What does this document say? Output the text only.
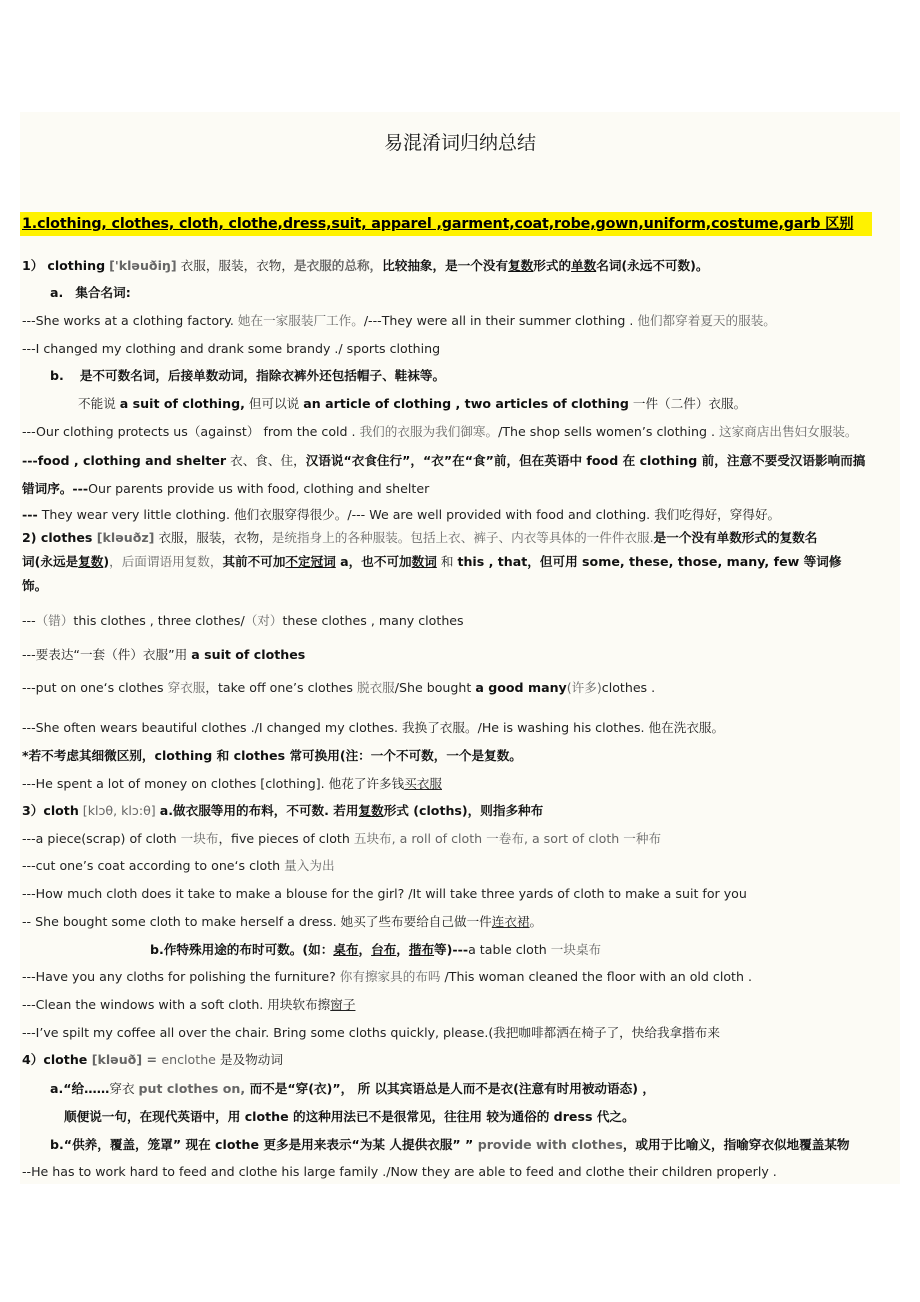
易混淆词归纳总结
1.clothing, clothes, cloth, clothe,dress,suit, apparel ,garment,coat,robe,gown,uniform,costume,garb 区别
1） clothing ['kləuðiŋ] 衣服，服装，衣物，是衣服的总称，比较抽象，是一个没有复数形式的单数名词(永远不可数)。
a. 集合名词:
---She works at a clothing factory. 她在一家服装厂工作。/---They were all in their summer clothing . 他们都穿着夏天的服装。
---I changed my clothing and drank some brandy ./ sports clothing
b. 是不可数名词，后接单数动词，指除衣裤外还包括帽子、鞋袜等。
不能说 a suit of clothing, 但可以说 an article of clothing , two articles of clothing 一件（二件）衣服。
---Our clothing protects us（against） from the cold . 我们的衣服为我们御寒。/The shop sells women’s clothing . 这家商店出售妇女服装。
---food , clothing and shelter 衣、食、住，汉语说“衣食住行”，“衣”在“食”前，但在英语中 food 在 clothing 前，注意不要受汉语影响而搞
错词序。---Our parents provide us with food, clothing and shelter
--- They wear very little clothing. 他们衣服穿得很少。/--- We are well provided with food and clothing. 我们吃得好，穿得好。
2) clothes [kləuðz] 衣服，服装，衣物，是统指身上的各种服装。包括上衣、裤子、内衣等具体的一件件衣服.是一个没有单数形式的复数名
词(永远是复数)，后面谓语用复数，其前不可加不定冠词 a，也不可加数词 和 this , that，但可用 some, these, those, many, few 等词修
饰。
---（错）this clothes , three clothes/（对）these clothes , many clothes
---要表达“一套（件）衣服”用 a suit of clothes
---put on one‘s clothes 穿衣服，take off one’s clothes 脱衣服/She bought a good many(许多)clothes .
---She often wears beautiful clothes ./I changed my clothes. 我换了衣服。/He is washing his clothes. 他在洗衣服。
*若不考虑其细微区别，clothing 和 clothes 常可换用(注：一个不可数，一个是复数。
---He spent a lot of money on clothes [clothing]. 他花了许多钱买衣服
3）cloth [klɔθ, klɔ:θ] a.做衣服等用的布料，不可数. 若用复数形式 (cloths)，则指多种布
---a piece(scrap) of cloth 一块布，five pieces of cloth 五块布, a roll of cloth 一卷布, a sort of cloth 一种布
---cut one’s coat according to one‘s cloth 量入为出
---How much cloth does it take to make a blouse for the girl? /It will take three yards of cloth to make a suit for you
-- She bought some cloth to make herself a dress. 她买了些布要给自己做一件连衣裙。
b.作特殊用途的布时可数。(如：桌布，台布，揩布等)---a table cloth 一块桌布
---Have you any cloths for polishing the furniture? 你有擦家具的布吗 /This woman cleaned the floor with an old cloth .
---Clean the windows with a soft cloth. 用块软布擦窗子
---I’ve spilt my coffee all over the chair. Bring some cloths quickly, please.(我把咖啡都洒在椅子了，快给我拿揩布来
4）clothe [kləuð] = enclothe 是及物动词
a.“给……穿衣 put clothes on, 而不是“穿(衣)”， 所 以其宾语总是人而不是衣(注意有时用被动语态) ，
顺便说一句，在现代英语中，用 clothe 的这种用法已不是很常见，往往用 较为通俗的 dress 代之。
b.“供养，覆盖，笼罩” 现在 clothe 更多是用来表示“为某 人提供衣服” ” provide with clothes，或用于比喻义，指喻穿衣似地覆盖某物
--He has to work hard to feed and clothe his large family ./Now they are able to feed and clothe their children properly .
